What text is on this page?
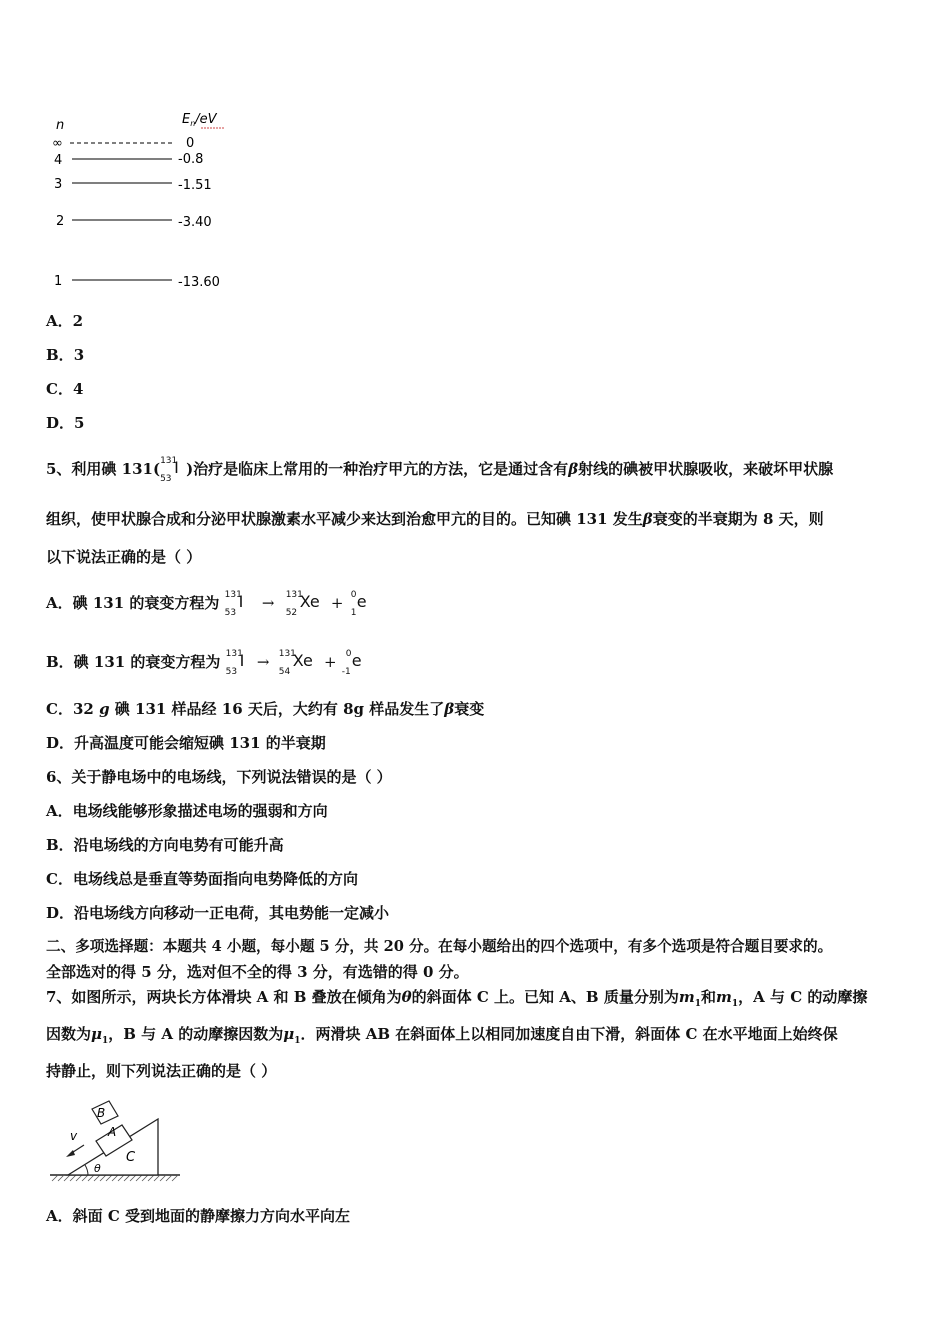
n	$E_n/eV$
∞	0
4	-0.8
3	-1.51
2	-3.40
1	-13.60
A．2
B．3
C．4
D．5
5、利用碘 131( 131
53
I )治疗是临床上常用的一种治疗甲亢的方法，它是通过含有β射线的碘被甲状腺吸收，来破坏甲状腺
组织，使甲状腺合成和分泌甲状腺激素水平减少来达到治愈甲亢的目的。已知碘 131 发生β衰变的半衰期为 8 天，则
以下说法正确的是（ ）
A．碘 131 的衰变方程为 131
53
I → 131
52
Xe + 0
1
e
B．碘 131 的衰变方程为 131
53
I → 131
54
Xe + 0
-1
e
C．32 g 碘 131 样品经 16 天后，大约有 8g 样品发生了β衰变
D．升高温度可能会缩短碘 131 的半衰期
6、关于静电场中的电场线，下列说法错误的是（ ）
A．电场线能够形象描述电场的强弱和方向
B．沿电场线的方向电势有可能升高
C．电场线总是垂直等势面指向电势降低的方向
D．沿电场线方向移动一正电荷，其电势能一定减小
二、多项选择题：本题共 4 小题，每小题 5 分，共 20 分。在每小题给出的四个选项中，有多个选项是符合题目要求的。
全部选对的得 5 分，选对但不全的得 3 分，有选错的得 0 分。
7、如图所示，两块长方体滑块 A 和 B 叠放在倾角为θ的斜面体 C 上。已知 A、B 质量分别为$m_1$和$m_1$，A 与 C 的动摩擦
因数为$\mu_1$，B 与 A 的动摩擦因数为$\mu_1$．两滑块 AB 在斜面体上以相同加速度自由下滑，斜面体 C 在水平地面上始终保
持静止，则下列说法正确的是（ ）
B
A
C
v
θ
A．斜面 C 受到地面的静摩擦力方向水平向左
